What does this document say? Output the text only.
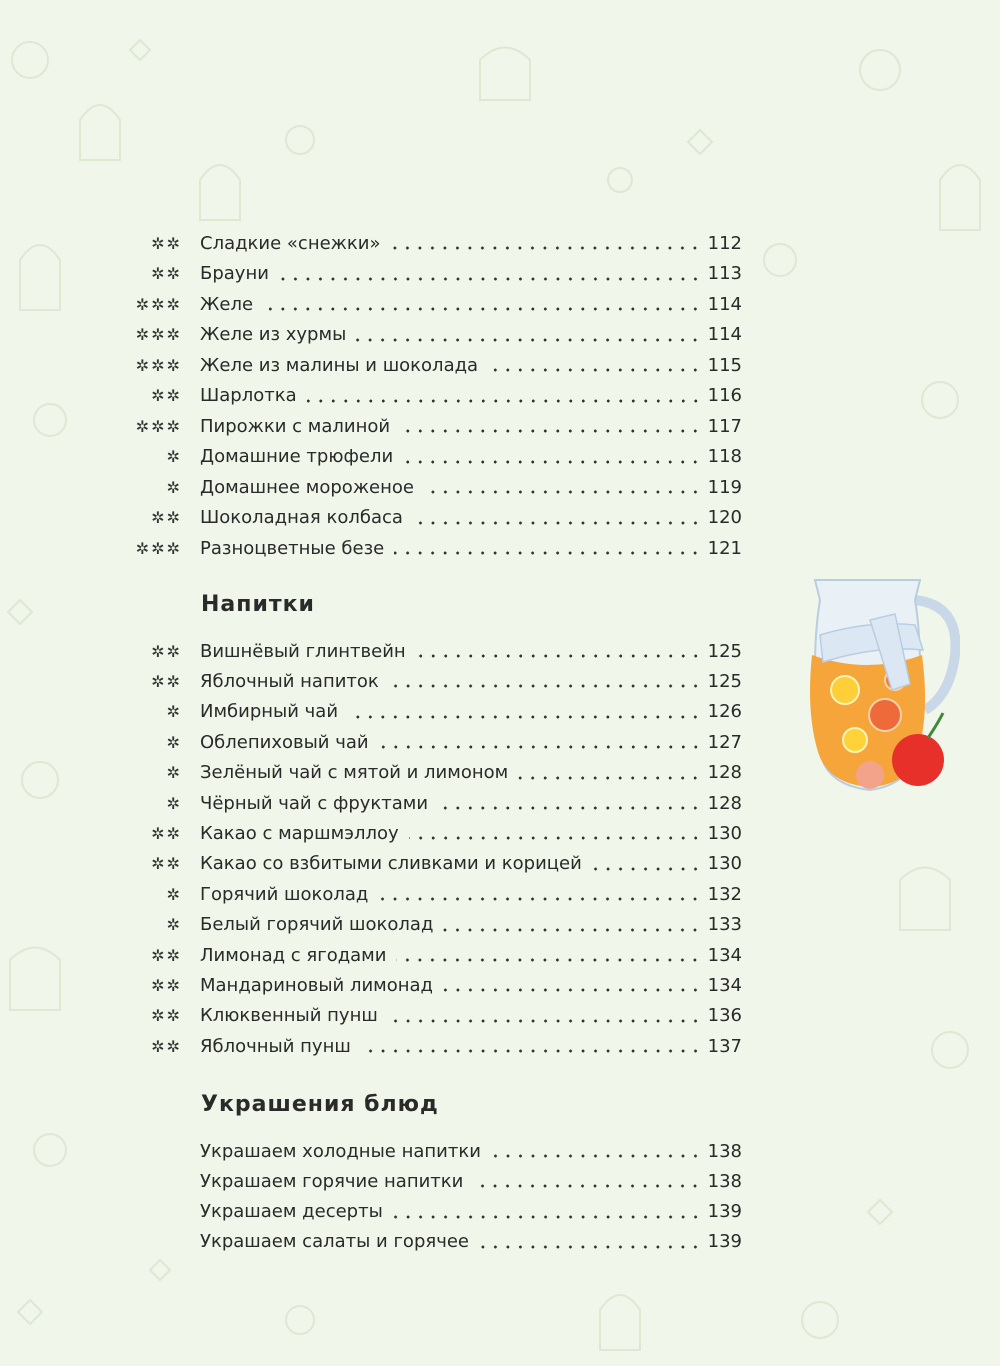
✲✲	Сладкие «снежки»	112
✲✲	Брауни	113
✲✲✲	Желе	114
✲✲✲	Желе из хурмы	114
✲✲✲	Желе из малины и шоколада	115
✲✲	Шарлотка	116
✲✲✲	Пирожки с малиной	117
✲	Домашние трюфели	118
✲	Домашнее мороженое	119
✲✲	Шоколадная колбаса	120
✲✲✲	Разноцветные безе	121
Напитки
✲✲	Вишнёвый глинтвейн	125
✲✲	Яблочный напиток	125
✲	Имбирный чай	126
✲	Облепиховый чай	127
✲	Зелёный чай с мятой и лимоном	128
✲	Чёрный чай с фруктами	128
✲✲	Какао с маршмэллоу	130
✲✲	Какао со взбитыми сливками и корицей	130
✲	Горячий шоколад	132
✲	Белый горячий шоколад	133
✲✲	Лимонад с ягодами	134
✲✲	Мандариновый лимонад	134
✲✲	Клюквенный пунш	136
✲✲	Яблочный пунш	137
Украшения блюд
Украшаем холодные напитки	138
Украшаем горячие напитки	138
Украшаем десерты	139
Украшаем салаты и горячее	139
